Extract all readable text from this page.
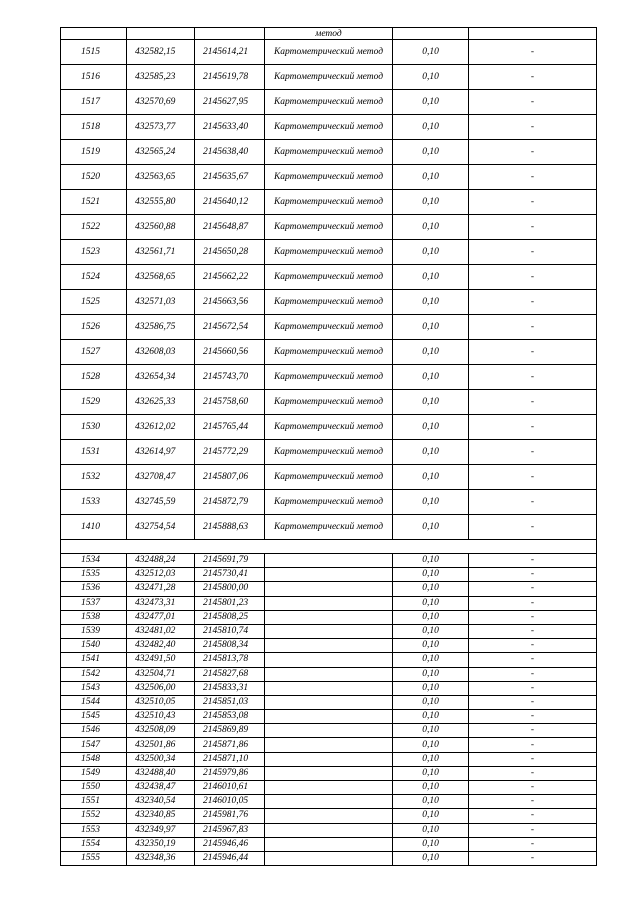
			метод		
1515	432582,15	2145614,21	Картометрический метод	0,10	-
1516	432585,23	2145619,78	Картометрический метод	0,10	-
1517	432570,69	2145627,95	Картометрический метод	0,10	-
1518	432573,77	2145633,40	Картометрический метод	0,10	-
1519	432565,24	2145638,40	Картометрический метод	0,10	-
1520	432563,65	2145635,67	Картометрический метод	0,10	-
1521	432555,80	2145640,12	Картометрический метод	0,10	-
1522	432560,88	2145648,87	Картометрический метод	0,10	-
1523	432561,71	2145650,28	Картометрический метод	0,10	-
1524	432568,65	2145662,22	Картометрический метод	0,10	-
1525	432571,03	2145663,56	Картометрический метод	0,10	-
1526	432586,75	2145672,54	Картометрический метод	0,10	-
1527	432608,03	2145660,56	Картометрический метод	0,10	-
1528	432654,34	2145743,70	Картометрический метод	0,10	-
1529	432625,33	2145758,60	Картометрический метод	0,10	-
1530	432612,02	2145765,44	Картометрический метод	0,10	-
1531	432614,97	2145772,29	Картометрический метод	0,10	-
1532	432708,47	2145807,06	Картометрический метод	0,10	-
1533	432745,59	2145872,79	Картометрический метод	0,10	-
1410	432754,54	2145888,63	Картометрический метод	0,10	-

1534	432488,24	2145691,79		0,10	-
1535	432512,03	2145730,41		0,10	-
1536	432471,28	2145800,00		0,10	-
1537	432473,31	2145801,23		0,10	-
1538	432477,01	2145808,25		0,10	-
1539	432481,02	2145810,74		0,10	-
1540	432482,40	2145808,34		0,10	-
1541	432491,50	2145813,78		0,10	-
1542	432504,71	2145827,68		0,10	-
1543	432506,00	2145833,31		0,10	-
1544	432510,05	2145851,03		0,10	-
1545	432510,43	2145853,08		0,10	-
1546	432508,09	2145869,89		0,10	-
1547	432501,86	2145871,86		0,10	-
1548	432500,34	2145871,10		0,10	-
1549	432488,40	2145979,86		0,10	-
1550	432438,47	2146010,61		0,10	-
1551	432340,54	2146010,05		0,10	-
1552	432340,85	2145981,76		0,10	-
1553	432349,97	2145967,83		0,10	-
1554	432350,19	2145946,46		0,10	-
1555	432348,36	2145946,44		0,10	-
